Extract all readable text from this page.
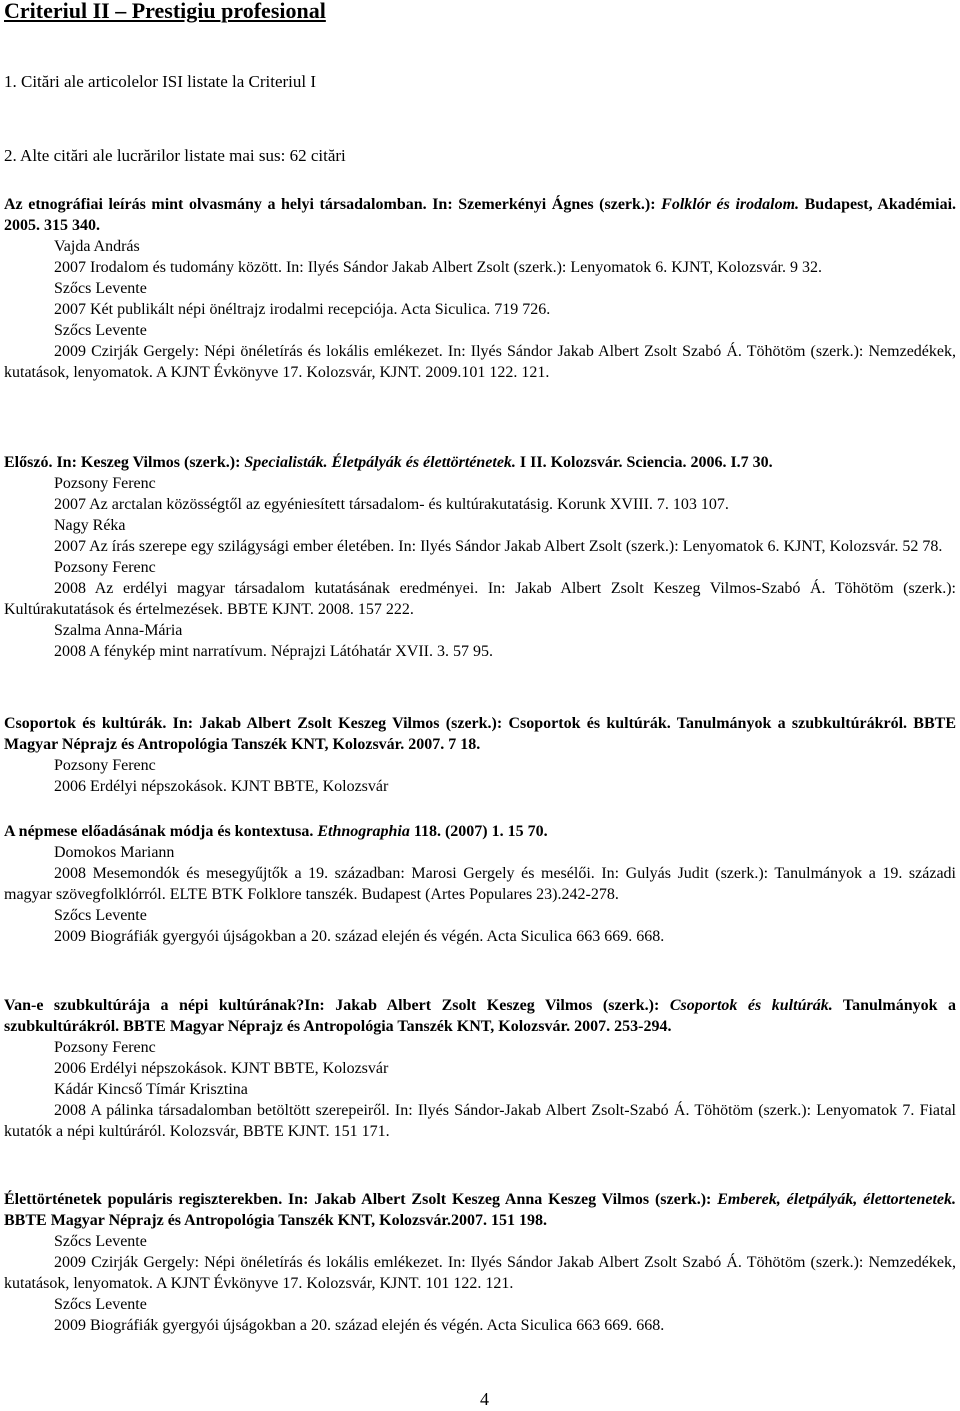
Criteriul II – Prestigiu profesional
1. Citări ale articolelor ISI listate la Criteriul I
2. Alte citări ale lucrărilor listate mai sus: 62 citări

Az etnográfiai leírás mint olvasmány a helyi társadalomban. In: Szemerkényi Ágnes (szerk.): Folklór és irodalom. Budapest, Akadémiai. 2005. 315 340.

Vajda András

2007 Irodalom és tudomány között. In: Ilyés Sándor Jakab Albert Zsolt (szerk.): Lenyomatok 6. KJNT, Kolozsvár. 9 32.

Szőcs Levente

2007 Két publikált népi önéltrajz irodalmi recepciója. Acta Siculica. 719 726.

Szőcs Levente

2009 Czirják Gergely: Népi önéletírás és lokális emlékezet. In: Ilyés Sándor Jakab Albert Zsolt Szabó Á. Töhötöm (szerk.): Nemzedékek, kutatások, lenyomatok. A KJNT Évkönyve 17. Kolozsvár, KJNT. 2009.101 122. 121.

Előszó. In: Keszeg Vilmos (szerk.): Specialisták. Életpályák és élettörténetek. I II. Kolozsvár. Sciencia. 2006. I.7 30.

Pozsony Ferenc

2007 Az arctalan közösségtől az egyéniesített társadalom- és kultúrakutatásig. Korunk XVIII. 7. 103 107.

Nagy Réka

2007 Az írás szerepe egy szilágysági ember életében. In: Ilyés Sándor Jakab Albert Zsolt (szerk.): Lenyomatok 6. KJNT, Kolozsvár. 52 78.

Pozsony Ferenc

2008 Az erdélyi magyar társadalom kutatásának eredményei. In: Jakab Albert Zsolt Keszeg Vilmos-Szabó Á. Töhötöm (szerk.): Kultúrakutatások és értelmezések. BBTE KJNT. 2008. 157 222.

Szalma Anna-Mária

2008 A fénykép mint narratívum. Néprajzi Látóhatár XVII. 3. 57 95.

Csoportok és kultúrák. In: Jakab Albert Zsolt Keszeg Vilmos (szerk.): Csoportok és kultúrák. Tanulmányok a szubkultúrákról. BBTE Magyar Néprajz és Antropológia Tanszék KNT, Kolozsvár. 2007. 7 18.

Pozsony Ferenc

2006 Erdélyi népszokások. KJNT BBTE, Kolozsvár

A népmese előadásának módja és kontextusa. Ethnographia 118. (2007) 1. 15 70.

Domokos Mariann

2008 Mesemondók és mesegyűjtők a 19. században: Marosi Gergely és mesélői. In: Gulyás Judit (szerk.): Tanulmányok a 19. századi magyar szövegfolklórról. ELTE BTK Folklore tanszék. Budapest (Artes Populares 23).242-278.

Szőcs Levente

2009 Biográfiák gyergyói újságokban a 20. század elején és végén. Acta Siculica 663 669. 668.

Van-e szubkultúrája a népi kultúrának?In: Jakab Albert Zsolt Keszeg Vilmos (szerk.): Csoportok és kultúrák. Tanulmányok a szubkultúrákról. BBTE Magyar Néprajz és Antropológia Tanszék KNT, Kolozsvár. 2007. 253-294.

Pozsony Ferenc

2006 Erdélyi népszokások. KJNT BBTE, Kolozsvár

Kádár Kincső Tímár Krisztina

2008 A pálinka társadalomban betöltött szerepeiről. In: Ilyés Sándor-Jakab Albert Zsolt-Szabó Á. Töhötöm (szerk.): Lenyomatok 7. Fiatal kutatók a népi kultúráról. Kolozsvár, BBTE KJNT. 151 171.

Élettörténetek populáris regiszterekben. In: Jakab Albert Zsolt Keszeg Anna Keszeg Vilmos (szerk.): Emberek, életpályák, élettortenetek. BBTE Magyar Néprajz és Antropológia Tanszék KNT, Kolozsvár.2007. 151 198.

Szőcs Levente

2009 Czirják Gergely: Népi önéletírás és lokális emlékezet. In: Ilyés Sándor Jakab Albert Zsolt Szabó Á. Töhötöm (szerk.): Nemzedékek, kutatások, lenyomatok. A KJNT Évkönyve 17. Kolozsvár, KJNT. 101 122. 121.

Szőcs Levente

2009 Biográfiák gyergyói újságokban a 20. század elején és végén. Acta Siculica 663 669. 668.

4
